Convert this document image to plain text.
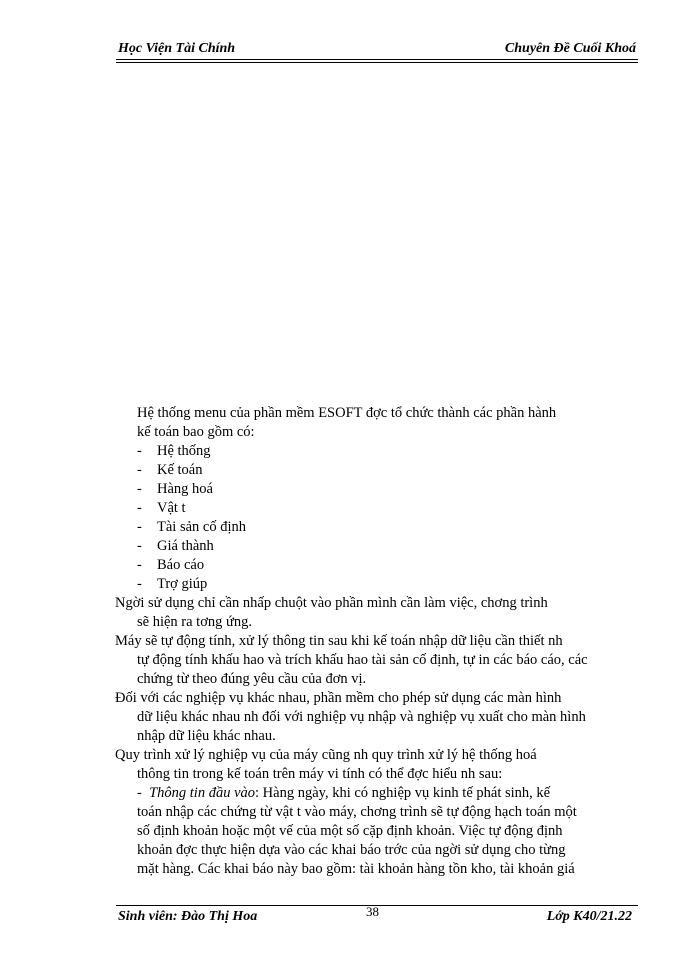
Học Viện Tài Chính	Chuyên Đề Cuối Khoá
Hệ thống menu của phần mềm ESOFT đợc tổ chức thành các phần hành
kế toán bao gồm có:
- Hệ thống
- Kế toán
- Hàng hoá
- Vật t
- Tài sản cố định
- Giá thành
- Báo cáo
- Trợ giúp
Ngời sử dụng chỉ cần nhấp chuột vào phần mình cần làm việc, chơng trình
sẽ hiện ra tơng ứng.
Máy sẽ tự động tính, xử lý thông tin sau khi kế toán nhập dữ liệu cần thiết nh
tự động tính khấu hao và trích khấu hao tài sản cố định, tự in các báo cáo, các
chứng từ theo đúng yêu cầu của đơn vị.
Đối với các nghiệp vụ khác nhau, phần mềm cho phép sử dụng các màn hình
dữ liệu khác nhau nh đối với nghiệp vụ nhập và nghiệp vụ xuất cho màn hình
nhập dữ liệu khác nhau.
Quy trình xử lý nghiệp vụ của máy cũng nh quy trình xử lý hệ thống hoá
thông tin trong kế toán trên máy vi tính có thể đợc hiểu nh sau:
-  Thông tin đầu vào: Hàng ngày, khi có nghiệp vụ kinh tế phát sinh, kế
toán nhập các chứng từ vật t vào máy, chơng trình sẽ tự động hạch toán một
số định khoản hoặc một vế của một số cặp định khoản. Việc tự động định
khoản đợc thực hiện dựa vào các khai báo trớc của ngời sử dụng cho từng
mặt hàng. Các khai báo này bao gồm: tài khoản hàng tồn kho, tài khoản giá
Sinh viên: Đào Thị Hoa	38	Lớp K40/21.22
